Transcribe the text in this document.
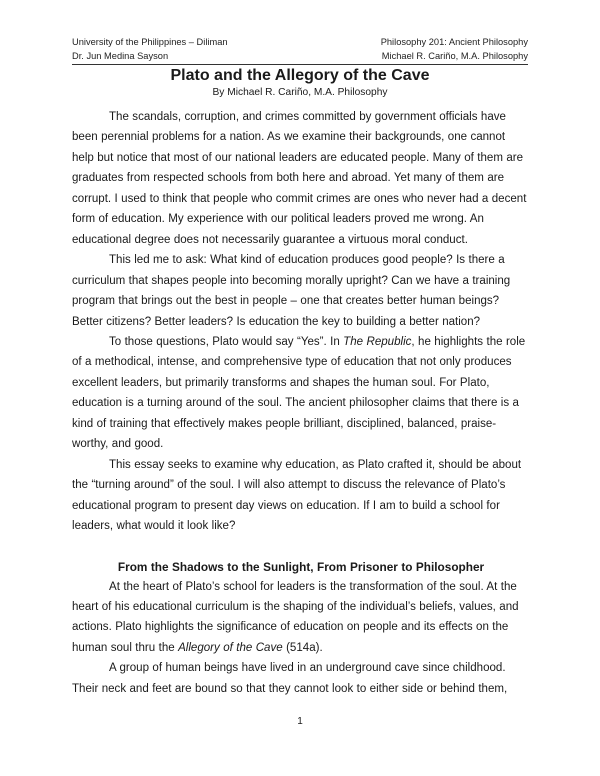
University of the Philippines – Diliman	Philosophy 201: Ancient Philosophy
Dr. Jun Medina Sayson	Michael R. Cariño, M.A. Philosophy
Plato and the Allegory of the Cave
By Michael R. Cariño, M.A. Philosophy

The scandals, corruption, and crimes committed by government officials have been perennial problems for a nation. As we examine their backgrounds, one cannot help but notice that most of our national leaders are educated people. Many of them are graduates from respected schools from both here and abroad. Yet many of them are corrupt. I used to think that people who commit crimes are ones who never had a decent form of education. My experience with our political leaders proved me wrong. An educational degree does not necessarily guarantee a virtuous moral conduct.

This led me to ask: What kind of education produces good people? Is there a curriculum that shapes people into becoming morally upright? Can we have a training program that brings out the best in people – one that creates better human beings? Better citizens? Better leaders? Is education the key to building a better nation?

To those questions, Plato would say “Yes”. In The Republic, he highlights the role of a methodical, intense, and comprehensive type of education that not only produces excellent leaders, but primarily transforms and shapes the human soul. For Plato, education is a turning around of the soul. The ancient philosopher claims that there is a kind of training that effectively makes people brilliant, disciplined, balanced, praise-worthy, and good.

This essay seeks to examine why education, as Plato crafted it, should be about the “turning around” of the soul. I will also attempt to discuss the relevance of Plato’s educational program to present day views on education. If I am to build a school for leaders, what would it look like?

From the Shadows to the Sunlight, From Prisoner to Philosopher

At the heart of Plato’s school for leaders is the transformation of the soul. At the heart of his educational curriculum is the shaping of the individual’s beliefs, values, and actions. Plato highlights the significance of education on people and its effects on the human soul thru the Allegory of the Cave (514a).

A group of human beings have lived in an underground cave since childhood. Their neck and feet are bound so that they cannot look to either side or behind them,

1
